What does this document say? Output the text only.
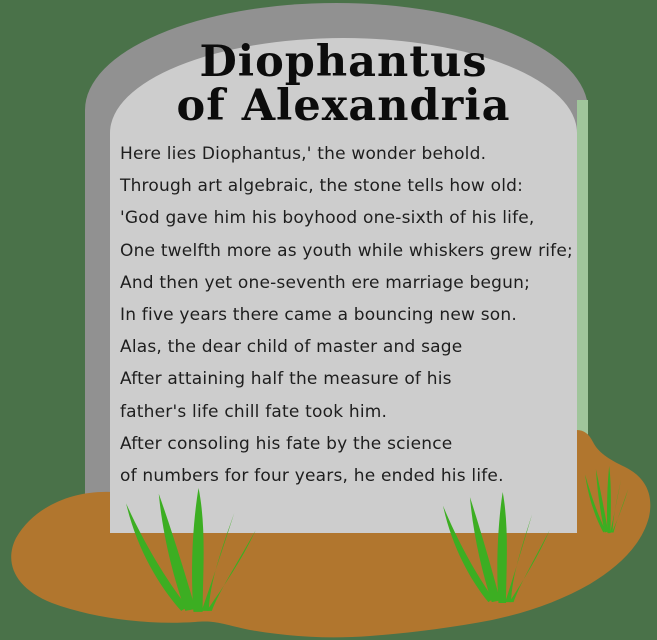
Diophantus
of Alexandria
Here lies Diophantus,' the wonder behold.
Through art algebraic, the stone tells how old:
'God gave him his boyhood one-sixth of his life,
One twelfth more as youth while whiskers grew rife;
And then yet one-seventh ere marriage begun;
In five years there came a bouncing new son.
Alas, the dear child of master and sage
After attaining half the measure of his
father's life chill fate took him.
After consoling his fate by the science
of numbers for four years, he ended his life.
